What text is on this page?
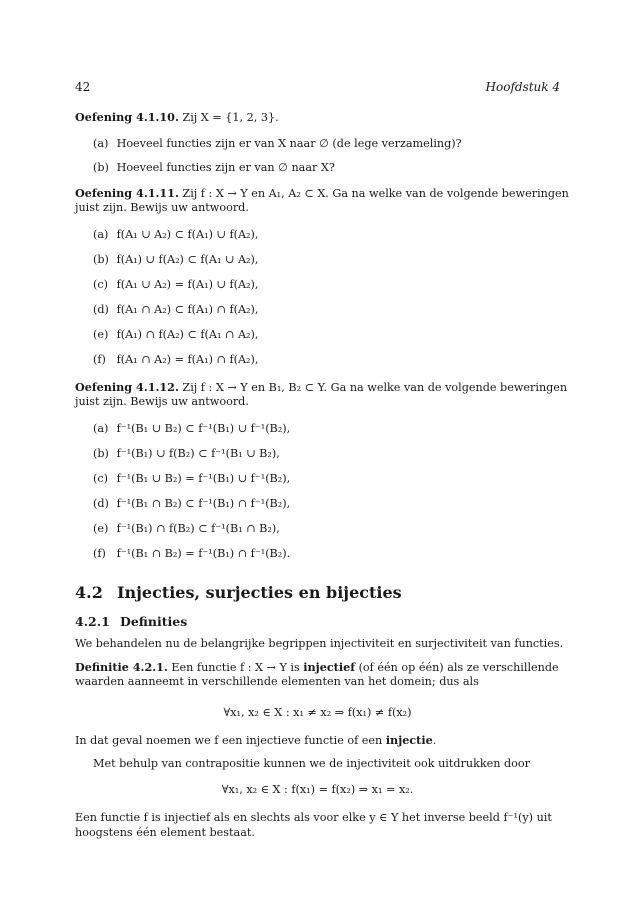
42	Hoofdstuk 4
Oefening 4.1.10. Zij X = {1, 2, 3}.
(a) Hoeveel functies zijn er van X naar ∅ (de lege verzameling)?
(b) Hoeveel functies zijn er van ∅ naar X?
Oefening 4.1.11. Zij f : X → Y en A₁, A₂ ⊂ X. Ga na welke van de volgende beweringen
juist zijn. Bewijs uw antwoord.
(a) f(A₁ ∪ A₂) ⊂ f(A₁) ∪ f(A₂),
(b) f(A₁) ∪ f(A₂) ⊂ f(A₁ ∪ A₂),
(c) f(A₁ ∪ A₂) = f(A₁) ∪ f(A₂),
(d) f(A₁ ∩ A₂) ⊂ f(A₁) ∩ f(A₂),
(e) f(A₁) ∩ f(A₂) ⊂ f(A₁ ∩ A₂),
(f) f(A₁ ∩ A₂) = f(A₁) ∩ f(A₂),
Oefening 4.1.12. Zij f : X → Y en B₁, B₂ ⊂ Y. Ga na welke van de volgende beweringen
juist zijn. Bewijs uw antwoord.
(a) f⁻¹(B₁ ∪ B₂) ⊂ f⁻¹(B₁) ∪ f⁻¹(B₂),
(b) f⁻¹(B₁) ∪ f(B₂) ⊂ f⁻¹(B₁ ∪ B₂),
(c) f⁻¹(B₁ ∪ B₂) = f⁻¹(B₁) ∪ f⁻¹(B₂),
(d) f⁻¹(B₁ ∩ B₂) ⊂ f⁻¹(B₁) ∩ f⁻¹(B₂),
(e) f⁻¹(B₁) ∩ f(B₂) ⊂ f⁻¹(B₁ ∩ B₂),
(f) f⁻¹(B₁ ∩ B₂) = f⁻¹(B₁) ∩ f⁻¹(B₂).
4.2 Injecties, surjecties en bijecties
4.2.1 Definities
We behandelen nu de belangrijke begrippen injectiviteit en surjectiviteit van functies.
Definitie 4.2.1. Een functie f : X → Y is injectief (of één op één) als ze verschillende
waarden aanneemt in verschillende elementen van het domein; dus als
∀x₁, x₂ ∈ X : x₁ ≠ x₂ ⇒ f(x₁) ≠ f(x₂)
In dat geval noemen we f een injectieve functie of een injectie.
Met behulp van contrapositie kunnen we de injectiviteit ook uitdrukken door
∀x₁, x₂ ∈ X : f(x₁) = f(x₂) ⇒ x₁ = x₂.
Een functie f is injectief als en slechts als voor elke y ∈ Y het inverse beeld f⁻¹(y) uit
hoogstens één element bestaat.
